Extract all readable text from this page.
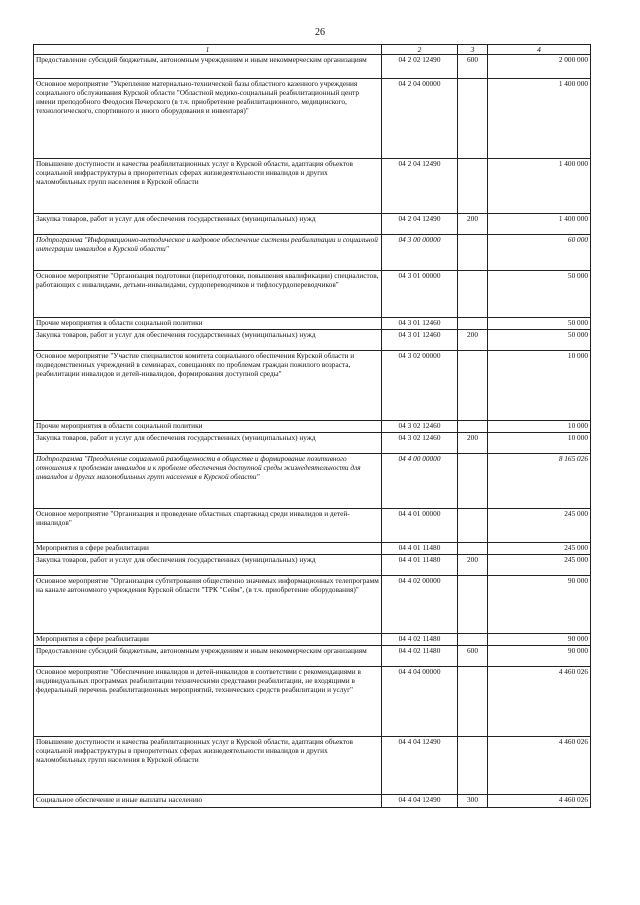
26
1	2	3	4
Предоставление субсидий бюджетным, автономным учреждениям и иным некоммерческим организациям	04 2 02 12490	600	2 000 000
Основное мероприятие "Укрепление материально-технической базы областного казенного учреждения социального обслуживания Курской области "Областной медико-социальный реабилитационный центр имени преподобного Феодосия Печерского (в т.ч. приобретение реабилитационного, медицинского, технологического, спортивного и иного оборудования и инвентаря)"	04 2 04 00000		1 400 000
Повышение доступности и качества реабилитационных услуг в Курской области, адаптация объектов социальной инфраструктуры в приоритетных сферах жизнедеятельности инвалидов и других маломобильных групп населения в Курской области	04 2 04 12490		1 400 000
Закупка товаров, работ и услуг для обеспечения государственных (муниципальных) нужд	04 2 04 12490	200	1 400 000
Подпрограмма "Информационно-методическое и кадровое обеспечение системы реабилитации и социальной интеграции инвалидов в Курской области"	04 3 00 00000		60 000
Основное мероприятие "Организация подготовки (переподготовки, повышения квалификации) специалистов, работающих с инвалидами, детьми-инвалидами, сурдопереводчиков и тифлосурдопереводчиков"	04 3 01 00000		50 000
Прочие мероприятия в области социальной политики	04 3 01 12460		50 000
Закупка товаров, работ и услуг для обеспечения государственных (муниципальных) нужд	04 3 01 12460	200	50 000
Основное мероприятие "Участие специалистов комитета социального обеспечения Курской области и подведомственных учреждений в семинарах, совещаниях по проблемам граждан пожилого возраста, реабилитации инвалидов и детей-инвалидов, формирования доступной среды"	04 3 02 00000		10 000
Прочие мероприятия в области социальной политики	04 3 02 12460		10 000
Закупка товаров, работ и услуг для обеспечения государственных (муниципальных) нужд	04 3 02 12460	200	10 000
Подпрограмма "Преодоление социальной разобщенности в обществе и формирование позитивного отношения к проблемам инвалидов и к проблеме обеспечения доступной среды жизнедеятельности для инвалидов и других маломобильных групп населения в Курской области"	04 4 00 00000		8 165 026
Основное мероприятие "Организация и проведение областных спартакиад среди инвалидов и детей-инвалидов"	04 4 01 00000		245 000
Мероприятия в сфере реабилитации	04 4 01 11480		245 000
Закупка товаров, работ и услуг для обеспечения государственных (муниципальных) нужд	04 4 01 11480	200	245 000
Основное мероприятие "Организация субтитрования общественно значимых информационных телепрограмм на канале автономного учреждения Курской области "ТРК "Сейм", (в т.ч. приобретение оборудования)"	04 4 02 00000		90 000
Мероприятия в сфере реабилитации	04 4 02 11480		90 000
Предоставление субсидий бюджетным, автономным учреждениям и иным некоммерческим организациям	04 4 02 11480	600	90 000
Основное мероприятие "Обеспечение инвалидов и детей-инвалидов в соответствии с рекомендациями в индивидуальных программах реабилитации техническими средствами реабилитации, не входящими в федеральный перечень реабилитационных мероприятий, технических средств реабилитации и услуг"	04 4 04 00000		4 460 026
Повышение доступности и качества реабилитационных услуг в Курской области, адаптация объектов социальной инфраструктуры в приоритетных сферах жизнедеятельности инвалидов и других маломобильных групп населения в Курской области	04 4 04 12490		4 460 026
Социальное обеспечение и иные выплаты населению	04 4 04 12490	300	4 460 026
